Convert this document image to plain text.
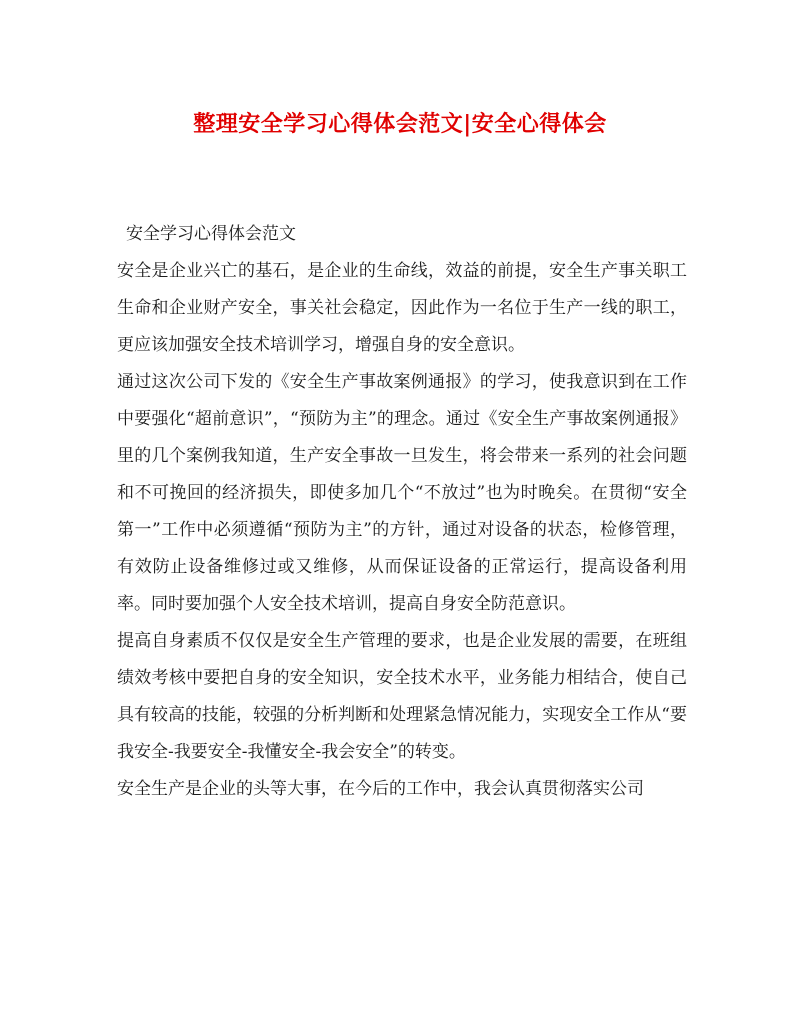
整理安全学习心得体会范文|安全心得体会

安全学习心得体会范文

安全是企业兴亡的基石，是企业的生命线，效益的前提，安全生产事关职工生命和企业财产安全，事关社会稳定，因此作为一名位于生产一线的职工，更应该加强安全技术培训学习，增强自身的安全意识。

通过这次公司下发的《安全生产事故案例通报》的学习，使我意识到在工作中要强化“超前意识”，“预防为主”的理念。通过《安全生产事故案例通报》里的几个案例我知道，生产安全事故一旦发生，将会带来一系列的社会问题和不可挽回的经济损失，即使多加几个“不放过”也为时晚矣。在贯彻“安全第一”工作中必须遵循“预防为主”的方针，通过对设备的状态，检修管理，有效防止设备维修过或又维修，从而保证设备的正常运行，提高设备利用率。同时要加强个人安全技术培训，提高自身安全防范意识。

提高自身素质不仅仅是安全生产管理的要求，也是企业发展的需要，在班组绩效考核中要把自身的安全知识，安全技术水平，业务能力相结合，使自己具有较高的技能，较强的分析判断和处理紧急情况能力，实现安全工作从“要我安全-我要安全-我懂安全-我会安全”的转变。

安全生产是企业的头等大事，在今后的工作中，我会认真贯彻落实公司
